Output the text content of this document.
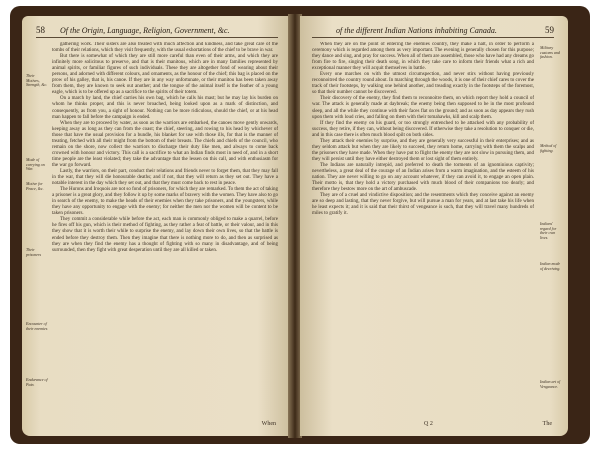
58 Of the Origin, Language, Religion, Government, &c.
Their Motives, Strength, &c.
Mode of carrying on War.
Motive for Peace, &c.
Their prisoners
Encounter of their enemies
Endurance of Pain.

gathering work. Their sisters are also treated with much affection and kindness, and take great care of the tombs of their relations, which they visit frequently, with the usual exhortations of the chief to be brave in war.

But there is somewhat of which they are still more careful than even of their arms, and which they are infinitely more solicitous to preserve, and that is their manitous, which are in many families represented by animal spirits, or familiar figures of such individuals. These they are altogether fond of wearing about their persons, and adorned with different colours, and ornaments, as the honour of the chief; this bag is placed on the prow of his galley, that is, his canoe. If they are in any way unfortunate, or their manitou has been taken away from them, they are known to seek out another; and the tongue of the animal itself is the feather of a young eagle, which is to be offered up as a sacrifice to the spirits of their totem.

On a march by land, the chief carries his own bag, which he calls his mast; but he may lay his burden on whom he thinks proper, and this is never broached, being looked upon as a mark of distinction, and consequently, as from you, a sight of honour. Nothing can be more ridiculous, should the chief, or at his head man happen to fall before the campaign is ended.

When they are to proceed by water, as soon as the warriors are embarked, the canoes move gently onwards, keeping away as long as they can from the coast; the chief, steering, and rowing to his head by whichever of those that have the usual provision for a bundle, his blanket for use with those ills, for that is the manner of treating, fetched with all their might from the bottom of their breasts. The chiefs and chiefs of the council, who remain on the shore, now collect the warriors to discharge their duty like men, and always to come back crowned with honour and victory. This call is a sacrifice to what an Indian finds most in need of, and in a short time people are the least violated; they take the advantage that the lessen on this call, and with enthusiasm for the war go forward.

Lastly, the warriors, on their part, conduct their relations and friends never to forget them, that they may fall in the war, that they will die honourable deaths; and if not, that they will return as they set out. They have a notable interest in the day which they set out, and that they must come back to rest in peace.

The Hurons and Iroquois are not so fond of prisoners, for which they are remarked. To them the act of taking a prisoner is a great glory, and they follow it up by some marks of bravery with the women. They have also to go in search of the enemy, to make the heads of their enemies when they take prisoners, and the youngsters, while they have any opportunity to engage with the enemy; for neither the men nor the women will be content to be taken prisoners.

They commit a considerable while before the act, each man is commonly obliged to make a quarrel, before he fires off his gun, which is their method of fighting, as they rather a feat of battle, or their valour, and in this they show that it is worth their while to surprise the enemy, and lay down their own lives, so that the battle is ended before they destroy them. Then they imagine that there is nothing more to do, and then as surprised as they are when they find the enemy has a thought of fighting with so many in disadvantage, and of being surrounded, then they fight with great desperation until they are all killed or taken.

When
of the different Indian Nations inhabiting Canada.	59

When they are on the point of entering the enemies country, they make a halt, in order to perform a ceremony which is regarded among them as very important. The evening is generally chosen for this purpose; they dance and sing, and pray for success. When all of them are assembled, those who have had any dreams go from fire to fire, singing their death song, in which they take care to inform their friends what a rich and exceptional manner they will acquit themselves in battle.

Every one marches on with the utmost circumspection, and never stirs without having previously reconnoitred the country round about. In marching through the woods, it is one of their chief cares to cover the track of their footsteps, by walking one behind another, and treading exactly in the footsteps of the foremost, so that their number cannot be discovered.

Their discovery of the enemy, they find them to reconnoitre them, on which report they hold a council of war. The attack is generally made at daybreak; the enemy being then supposed to be in the most profound sleep, and all the while they continue with their faces flat on the ground; and as soon as day appears they rush upon them with loud cries, and falling on them with their tomahawks, kill and scalp them.

If they find the enemy on his guard, or too strongly entrenched to be attacked with any probability of success, they retire, if they can, without being discovered. If otherwise they take a resolution to conquer or die, and in this case there is often much blood spilt on both sides.

They attack their enemies by surprise, and they are generally very successful in their enterprises; and as they seldom attack but when they are likely to succeed, they return home, carrying with them the scalps and the prisoners they have made. When they have put to flight the enemy they are not slow in pursuing them, and they will persist until they have either destroyed them or lost sight of them entirely.

The Indians are naturally intrepid, and preferred to death the torments of an ignominious captivity; nevertheless, a great deal of the courage of an Indian arises from a warm imagination, and the esteem of his nation. They are never willing to go on any account whatever, if they can avoid it, to engage an open plain. Their motto is, that they hold a victory purchased with much blood of their companions too dearly; and therefore they bestow more on the art of ambuscade.

They are of a cruel and vindictive disposition; and the resentments which they conceive against an enemy are so deep and lasting, that they never forgive, but will pursue a man for years, and at last take his life when he least expects it; and it is said that their thirst of vengeance is such, that they will travel many hundreds of miles to gratify it.

Military customs and fashion.
Method of fighting.
Indians' regard for their own lives.
Indian mode of deceiving.
Indian art of Vengeance.
Q 2	The
